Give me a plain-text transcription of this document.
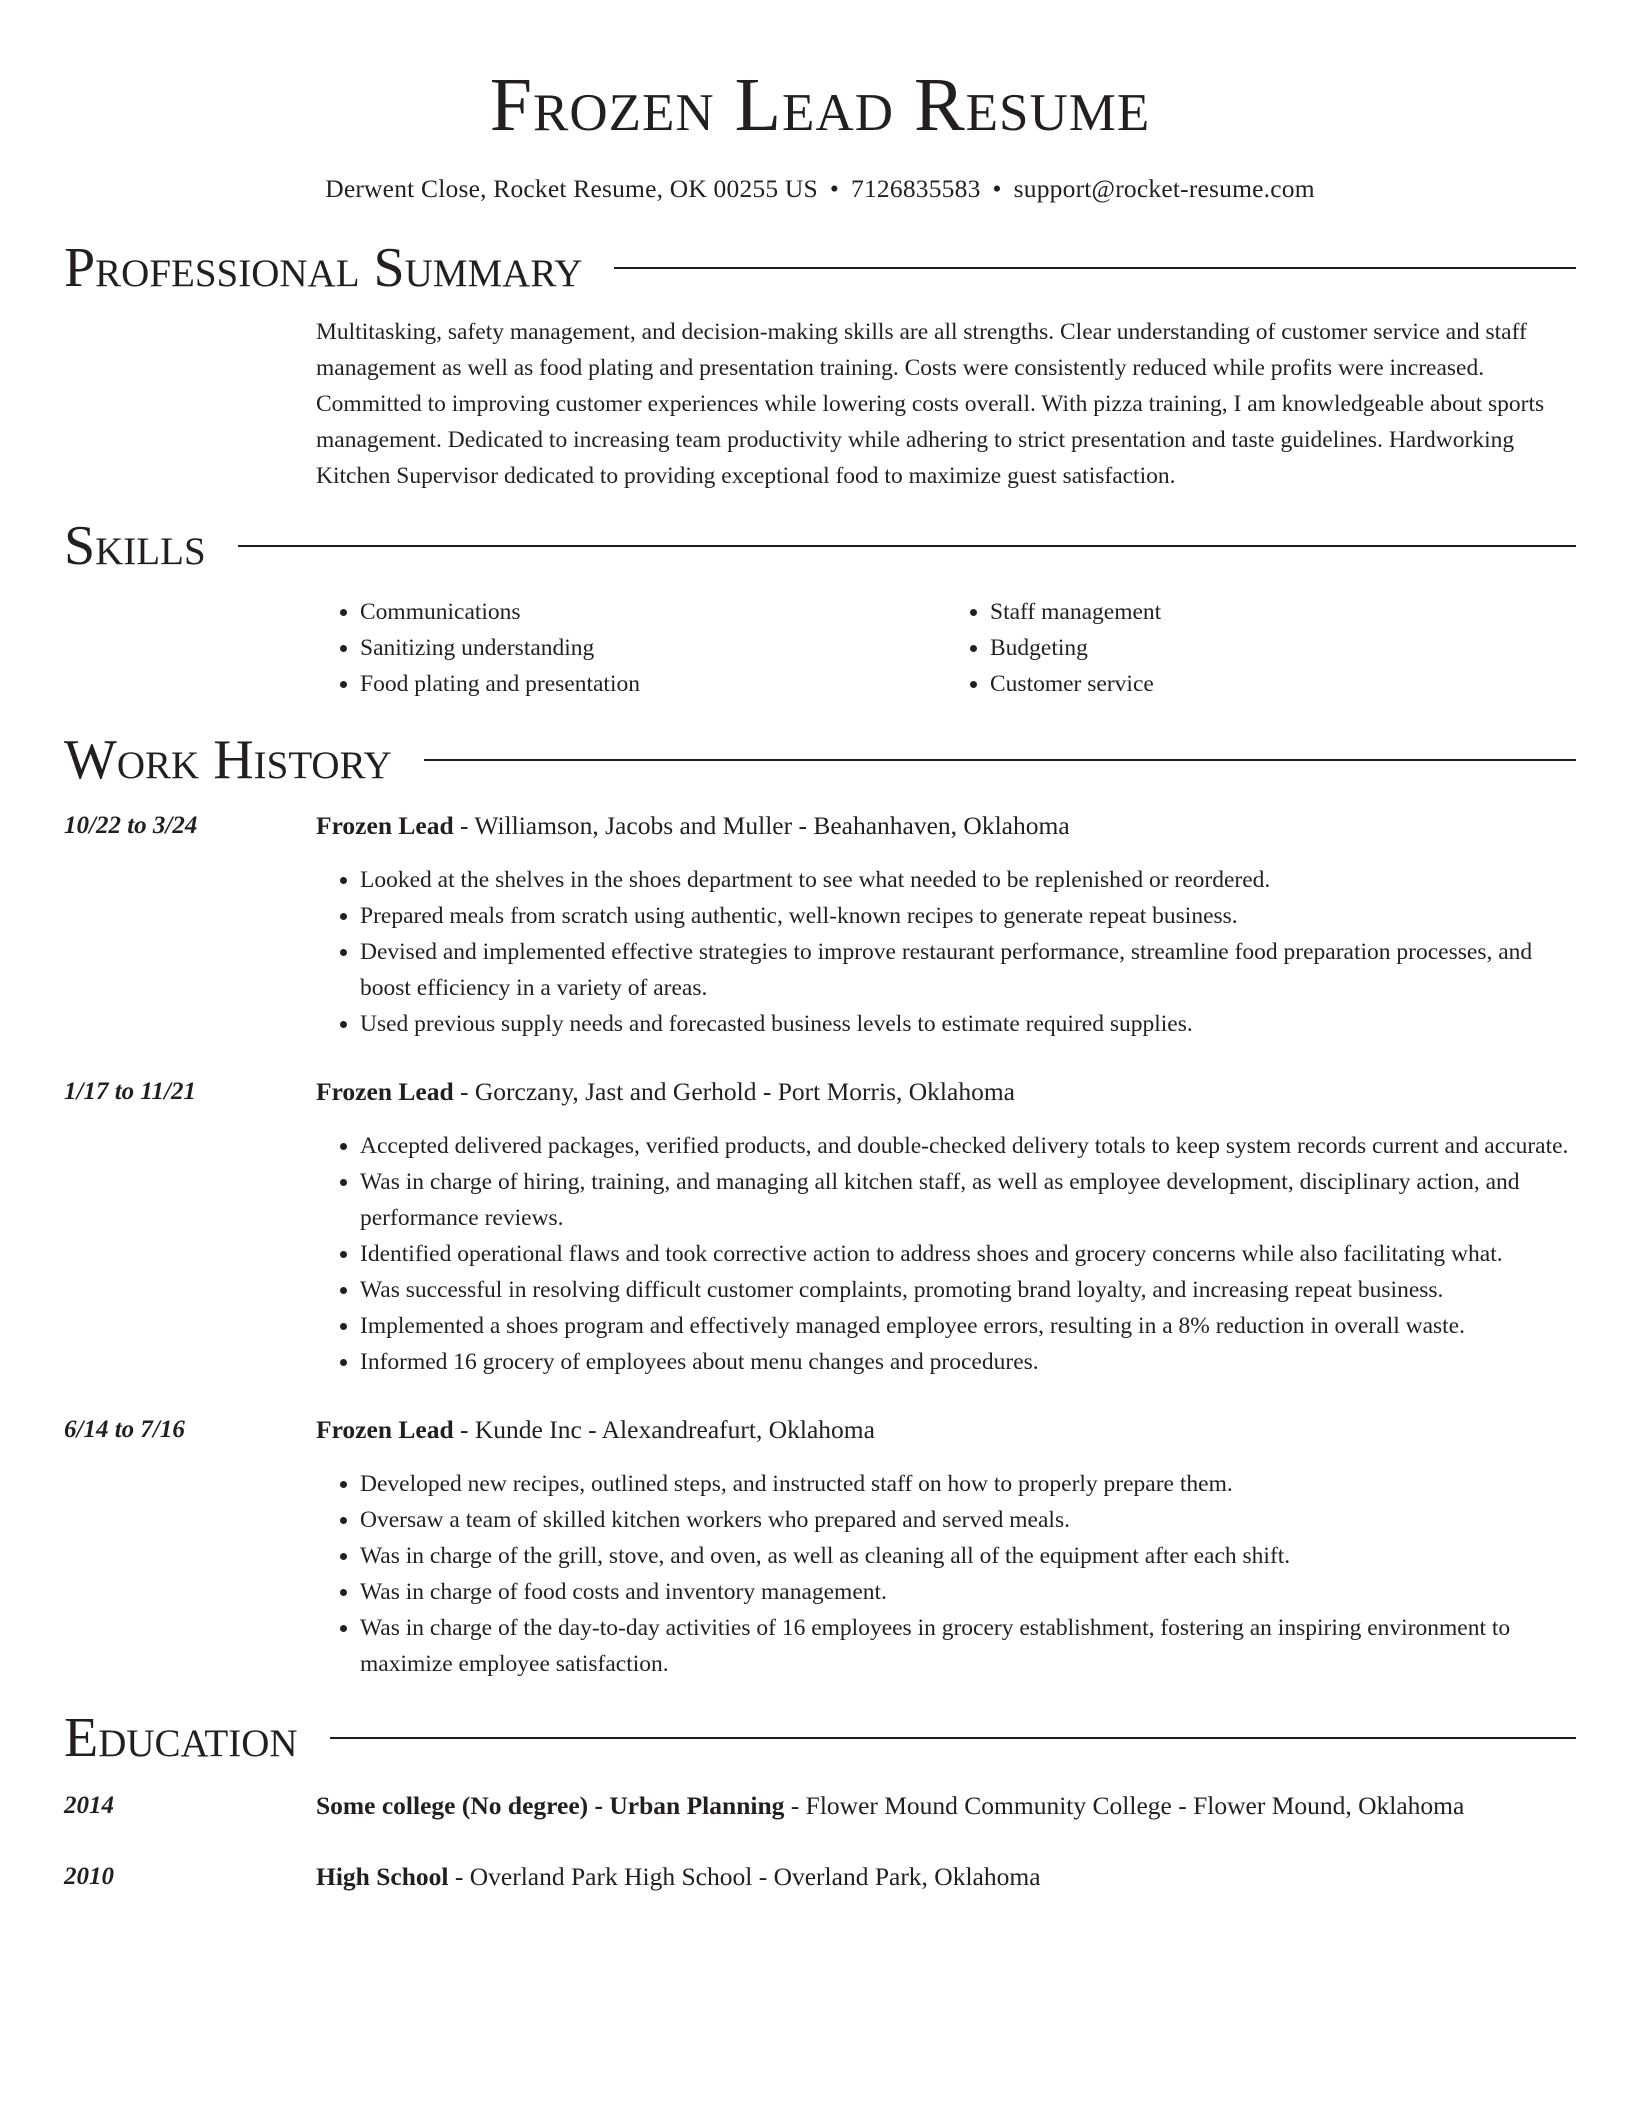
Frozen Lead Resume
Derwent Close, Rocket Resume, OK 00255 US • 7126835583 • support@rocket-resume.com
Professional Summary

Multitasking, safety management, and decision-making skills are all strengths. Clear understanding of customer service and staff management as well as food plating and presentation training. Costs were consistently reduced while profits were increased. Committed to improving customer experiences while lowering costs overall. With pizza training, I am knowledgeable about sports management. Dedicated to increasing team productivity while adhering to strict presentation and taste guidelines. Hardworking Kitchen Supervisor dedicated to providing exceptional food to maximize guest satisfaction.

Skills
• Communications
• Sanitizing understanding
• Food plating and presentation
• Staff management
• Budgeting
• Customer service
Work History
10/22 to 3/24	Frozen Lead - Williamson, Jacobs and Muller - Beahanhaven, Oklahoma
• Looked at the shelves in the shoes department to see what needed to be replenished or reordered.
• Prepared meals from scratch using authentic, well-known recipes to generate repeat business.
• Devised and implemented effective strategies to improve restaurant performance, streamline food preparation processes, and boost efficiency in a variety of areas.
• Used previous supply needs and forecasted business levels to estimate required supplies.
1/17 to 11/21	Frozen Lead - Gorczany, Jast and Gerhold - Port Morris, Oklahoma
• Accepted delivered packages, verified products, and double-checked delivery totals to keep system records current and accurate.
• Was in charge of hiring, training, and managing all kitchen staff, as well as employee development, disciplinary action, and performance reviews.
• Identified operational flaws and took corrective action to address shoes and grocery concerns while also facilitating what.
• Was successful in resolving difficult customer complaints, promoting brand loyalty, and increasing repeat business.
• Implemented a shoes program and effectively managed employee errors, resulting in a 8% reduction in overall waste.
• Informed 16 grocery of employees about menu changes and procedures.
6/14 to 7/16	Frozen Lead - Kunde Inc - Alexandreafurt, Oklahoma
• Developed new recipes, outlined steps, and instructed staff on how to properly prepare them.
• Oversaw a team of skilled kitchen workers who prepared and served meals.
• Was in charge of the grill, stove, and oven, as well as cleaning all of the equipment after each shift.
• Was in charge of food costs and inventory management.
• Was in charge of the day-to-day activities of 16 employees in grocery establishment, fostering an inspiring environment to maximize employee satisfaction.
Education
2014	Some college (No degree) - Urban Planning - Flower Mound Community College - Flower Mound, Oklahoma
2010	High School - Overland Park High School - Overland Park, Oklahoma
